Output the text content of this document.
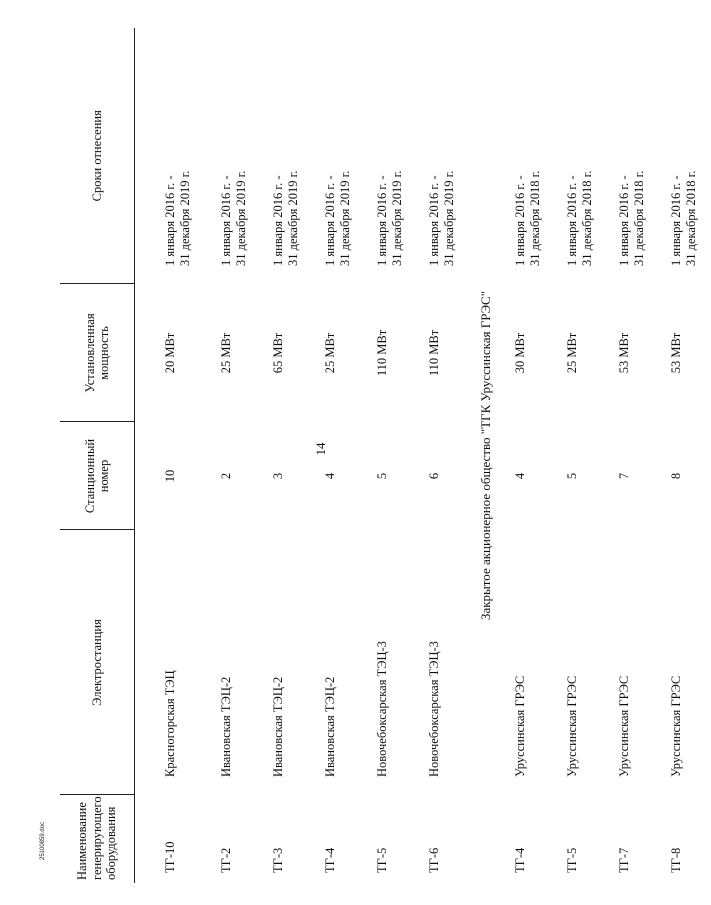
14
Наименование генерирующего оборудования	Электростанция	Станционный номер	Установленная мощность	Сроки отнесения
ТГ-10	Красногорская ТЭЦ	10	20 МВт	1 января 2016 г. - 31 декабря 2019 г.

ТГ-2	Ивановская ТЭЦ-2	2	25 МВт	1 января 2016 г. - 31 декабря 2019 г.

ТГ-3	Ивановская ТЭЦ-2	3	65 МВт	1 января 2016 г. - 31 декабря 2019 г.

ТГ-4	Ивановская ТЭЦ-2	4	25 МВт	1 января 2016 г. - 31 декабря 2019 г.

ТГ-5	Новочебоксарская ТЭЦ-3	5	110 МВт	1 января 2016 г. - 31 декабря 2019 г.

ТГ-6	Новочебоксарская ТЭЦ-3	6	110 МВт	1 января 2016 г. - 31 декабря 2019 г.

Закрытое акционерное общество "ТГК Уруссинская ГРЭС"				
ТГ-4	Уруссинская ГРЭС	4	30 МВт	1 января 2016 г. - 31 декабря 2018 г.

ТГ-5	Уруссинская ГРЭС	5	25 МВт	1 января 2016 г. - 31 декабря 2018 г.

ТГ-7	Уруссинская ГРЭС	7	53 МВт	1 января 2016 г. - 31 декабря 2018 г.

ТГ-8	Уруссинская ГРЭС	8	53 МВт	1 января 2016 г. - 31 декабря 2018 г.
25100859.doc
